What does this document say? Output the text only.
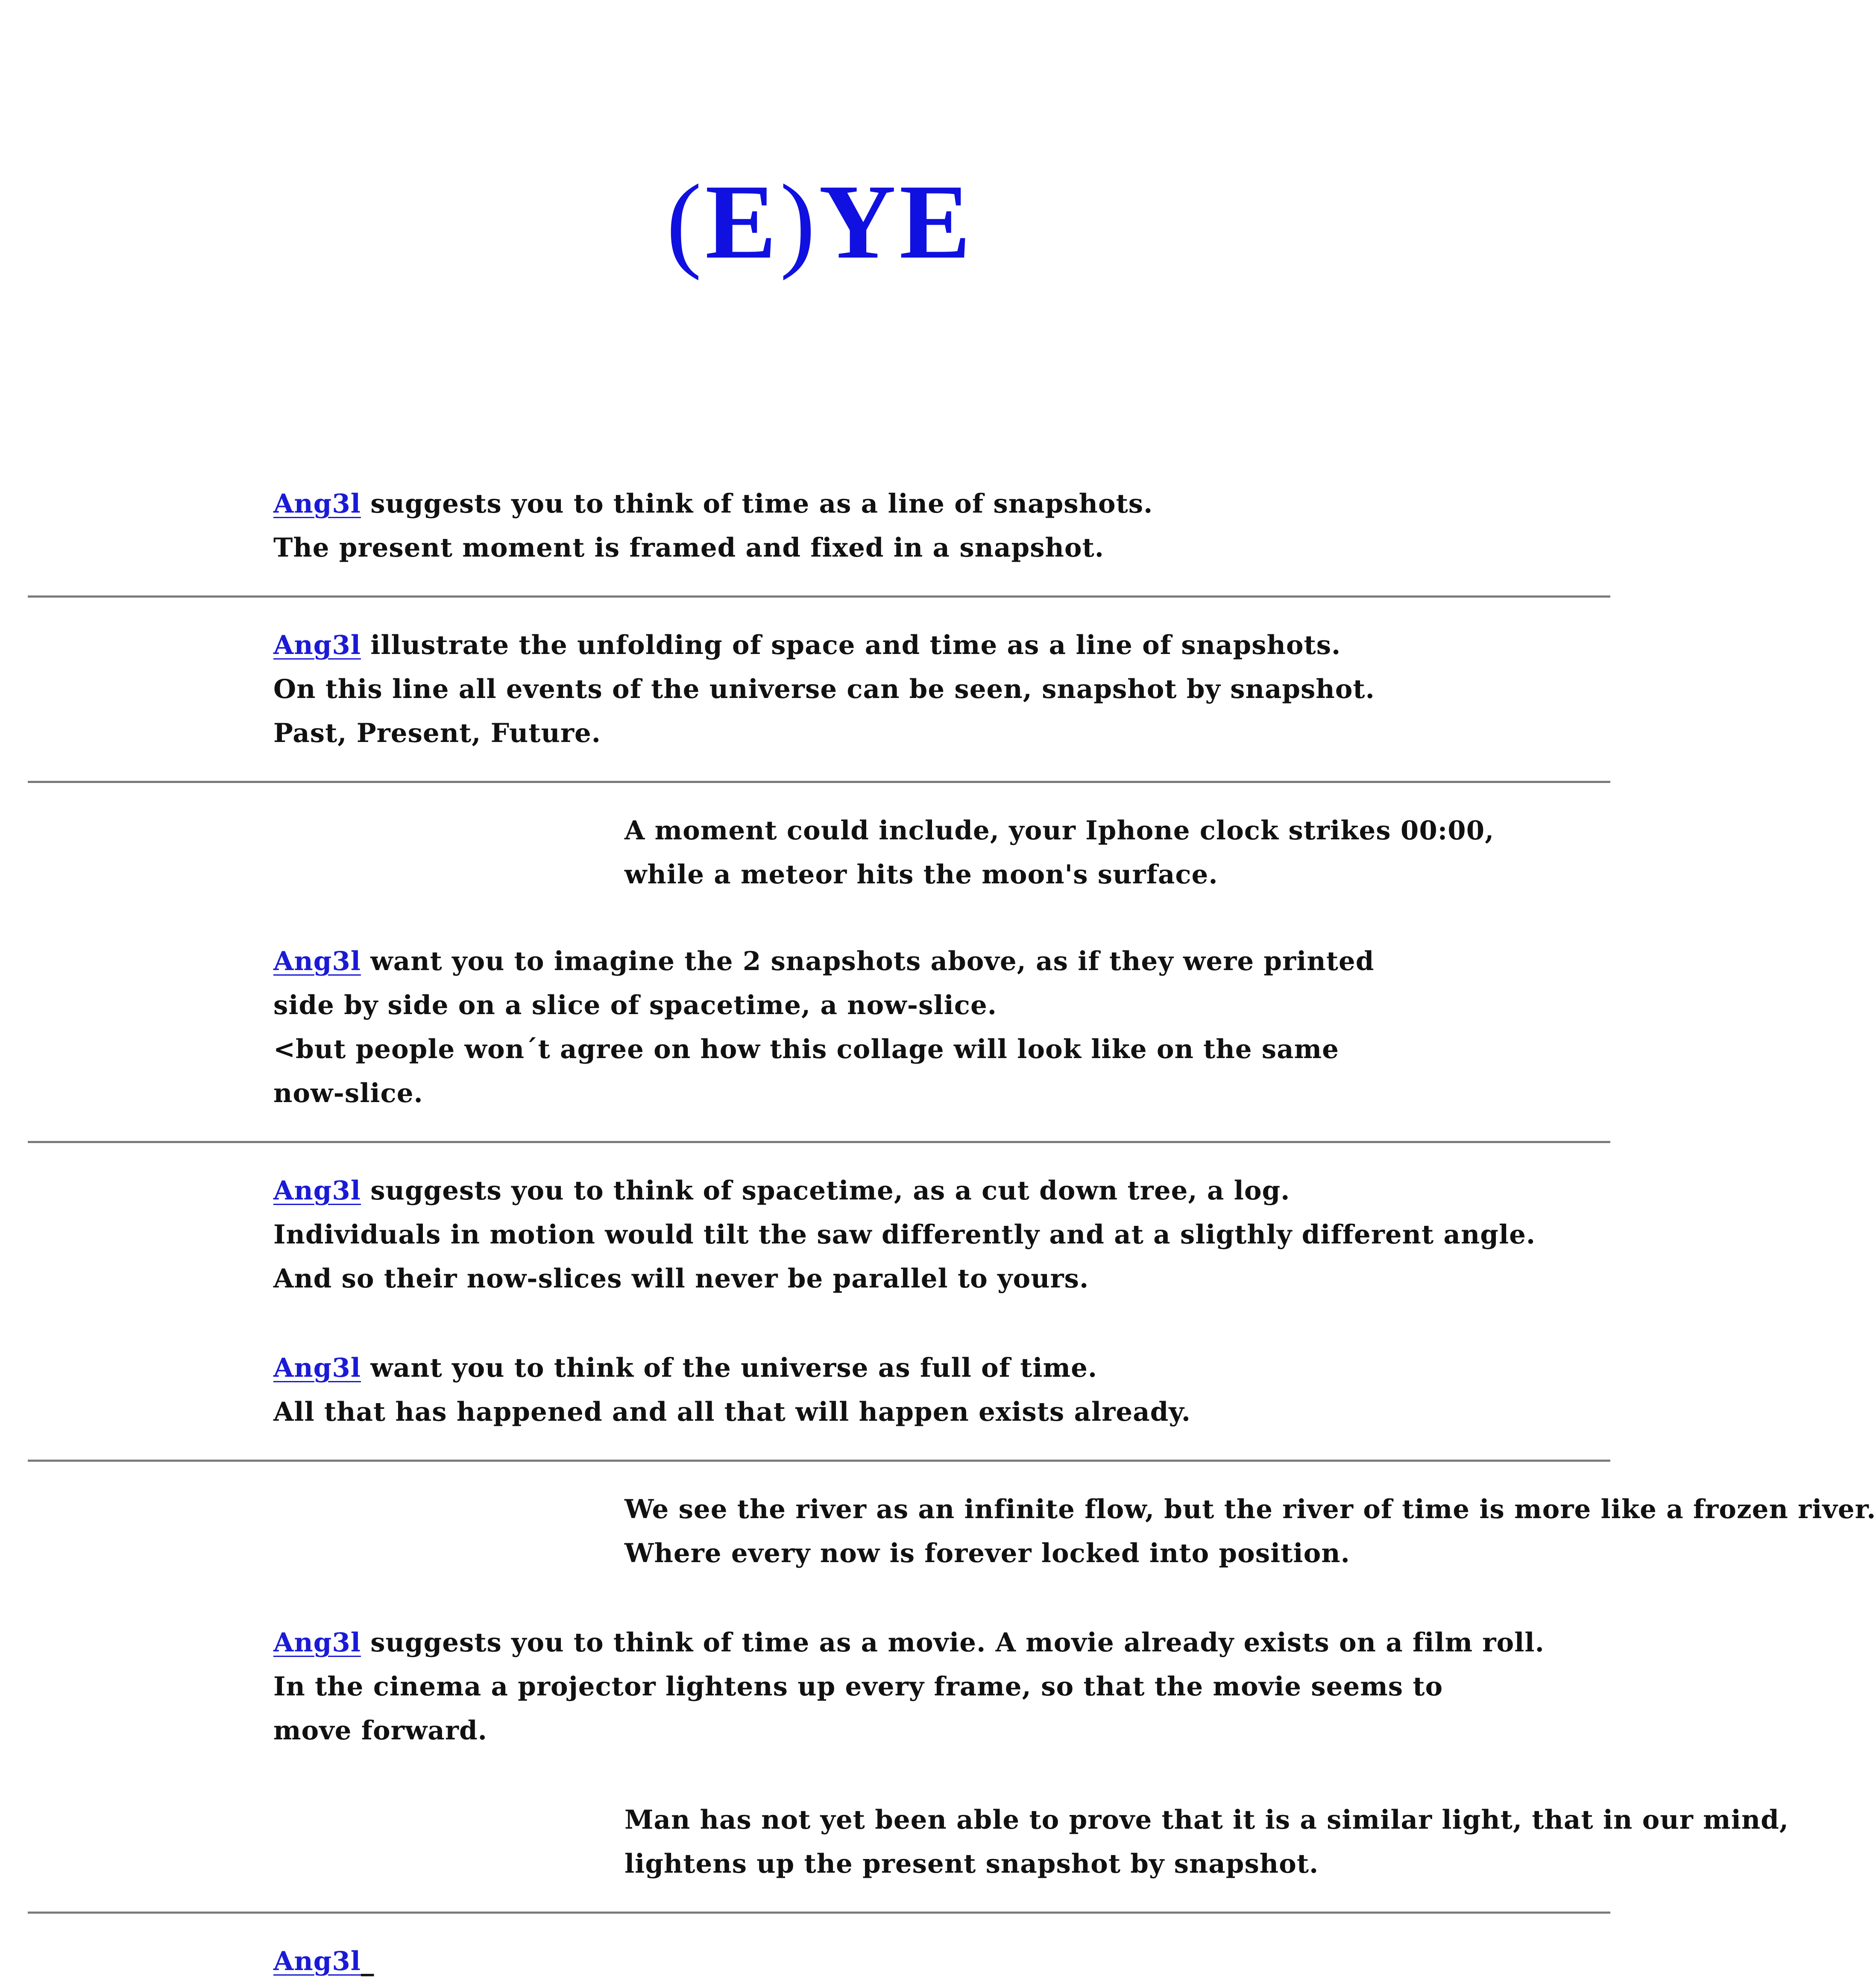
(E)YE
Ang3l suggests you to think of time as a line of snapshots.
The present moment is framed and fixed in a snapshot.
Ang3l illustrate the unfolding of space and time as a line of snapshots.
On this line all events of the universe can be seen, snapshot by snapshot.
Past, Present, Future.
A moment could include, your Iphone clock strikes 00:00,
while a meteor hits the moon's surface.
Ang3l want you to imagine the 2 snapshots above, as if they were printed
side by side on a slice of spacetime, a now-slice.
<but people won´t agree on how this collage will look like on the same
now-slice.
Ang3l suggests you to think of spacetime, as a cut down tree, a log.
Individuals in motion would tilt the saw differently and at a sligthly different angle.
And so their now-slices will never be parallel to yours.
Ang3l want you to think of the universe as full of time.
All that has happened and all that will happen exists already.
We see the river as an infinite flow, but the river of time is more like a frozen river.
Where every now is forever locked into position.
Ang3l suggests you to think of time as a movie. A movie already exists on a film roll.
In the cinema a projector lightens up every frame, so that the movie seems to
move forward.
Man has not yet been able to prove that it is a similar light, that in our mind,
lightens up the present snapshot by snapshot.
Ang3l_
